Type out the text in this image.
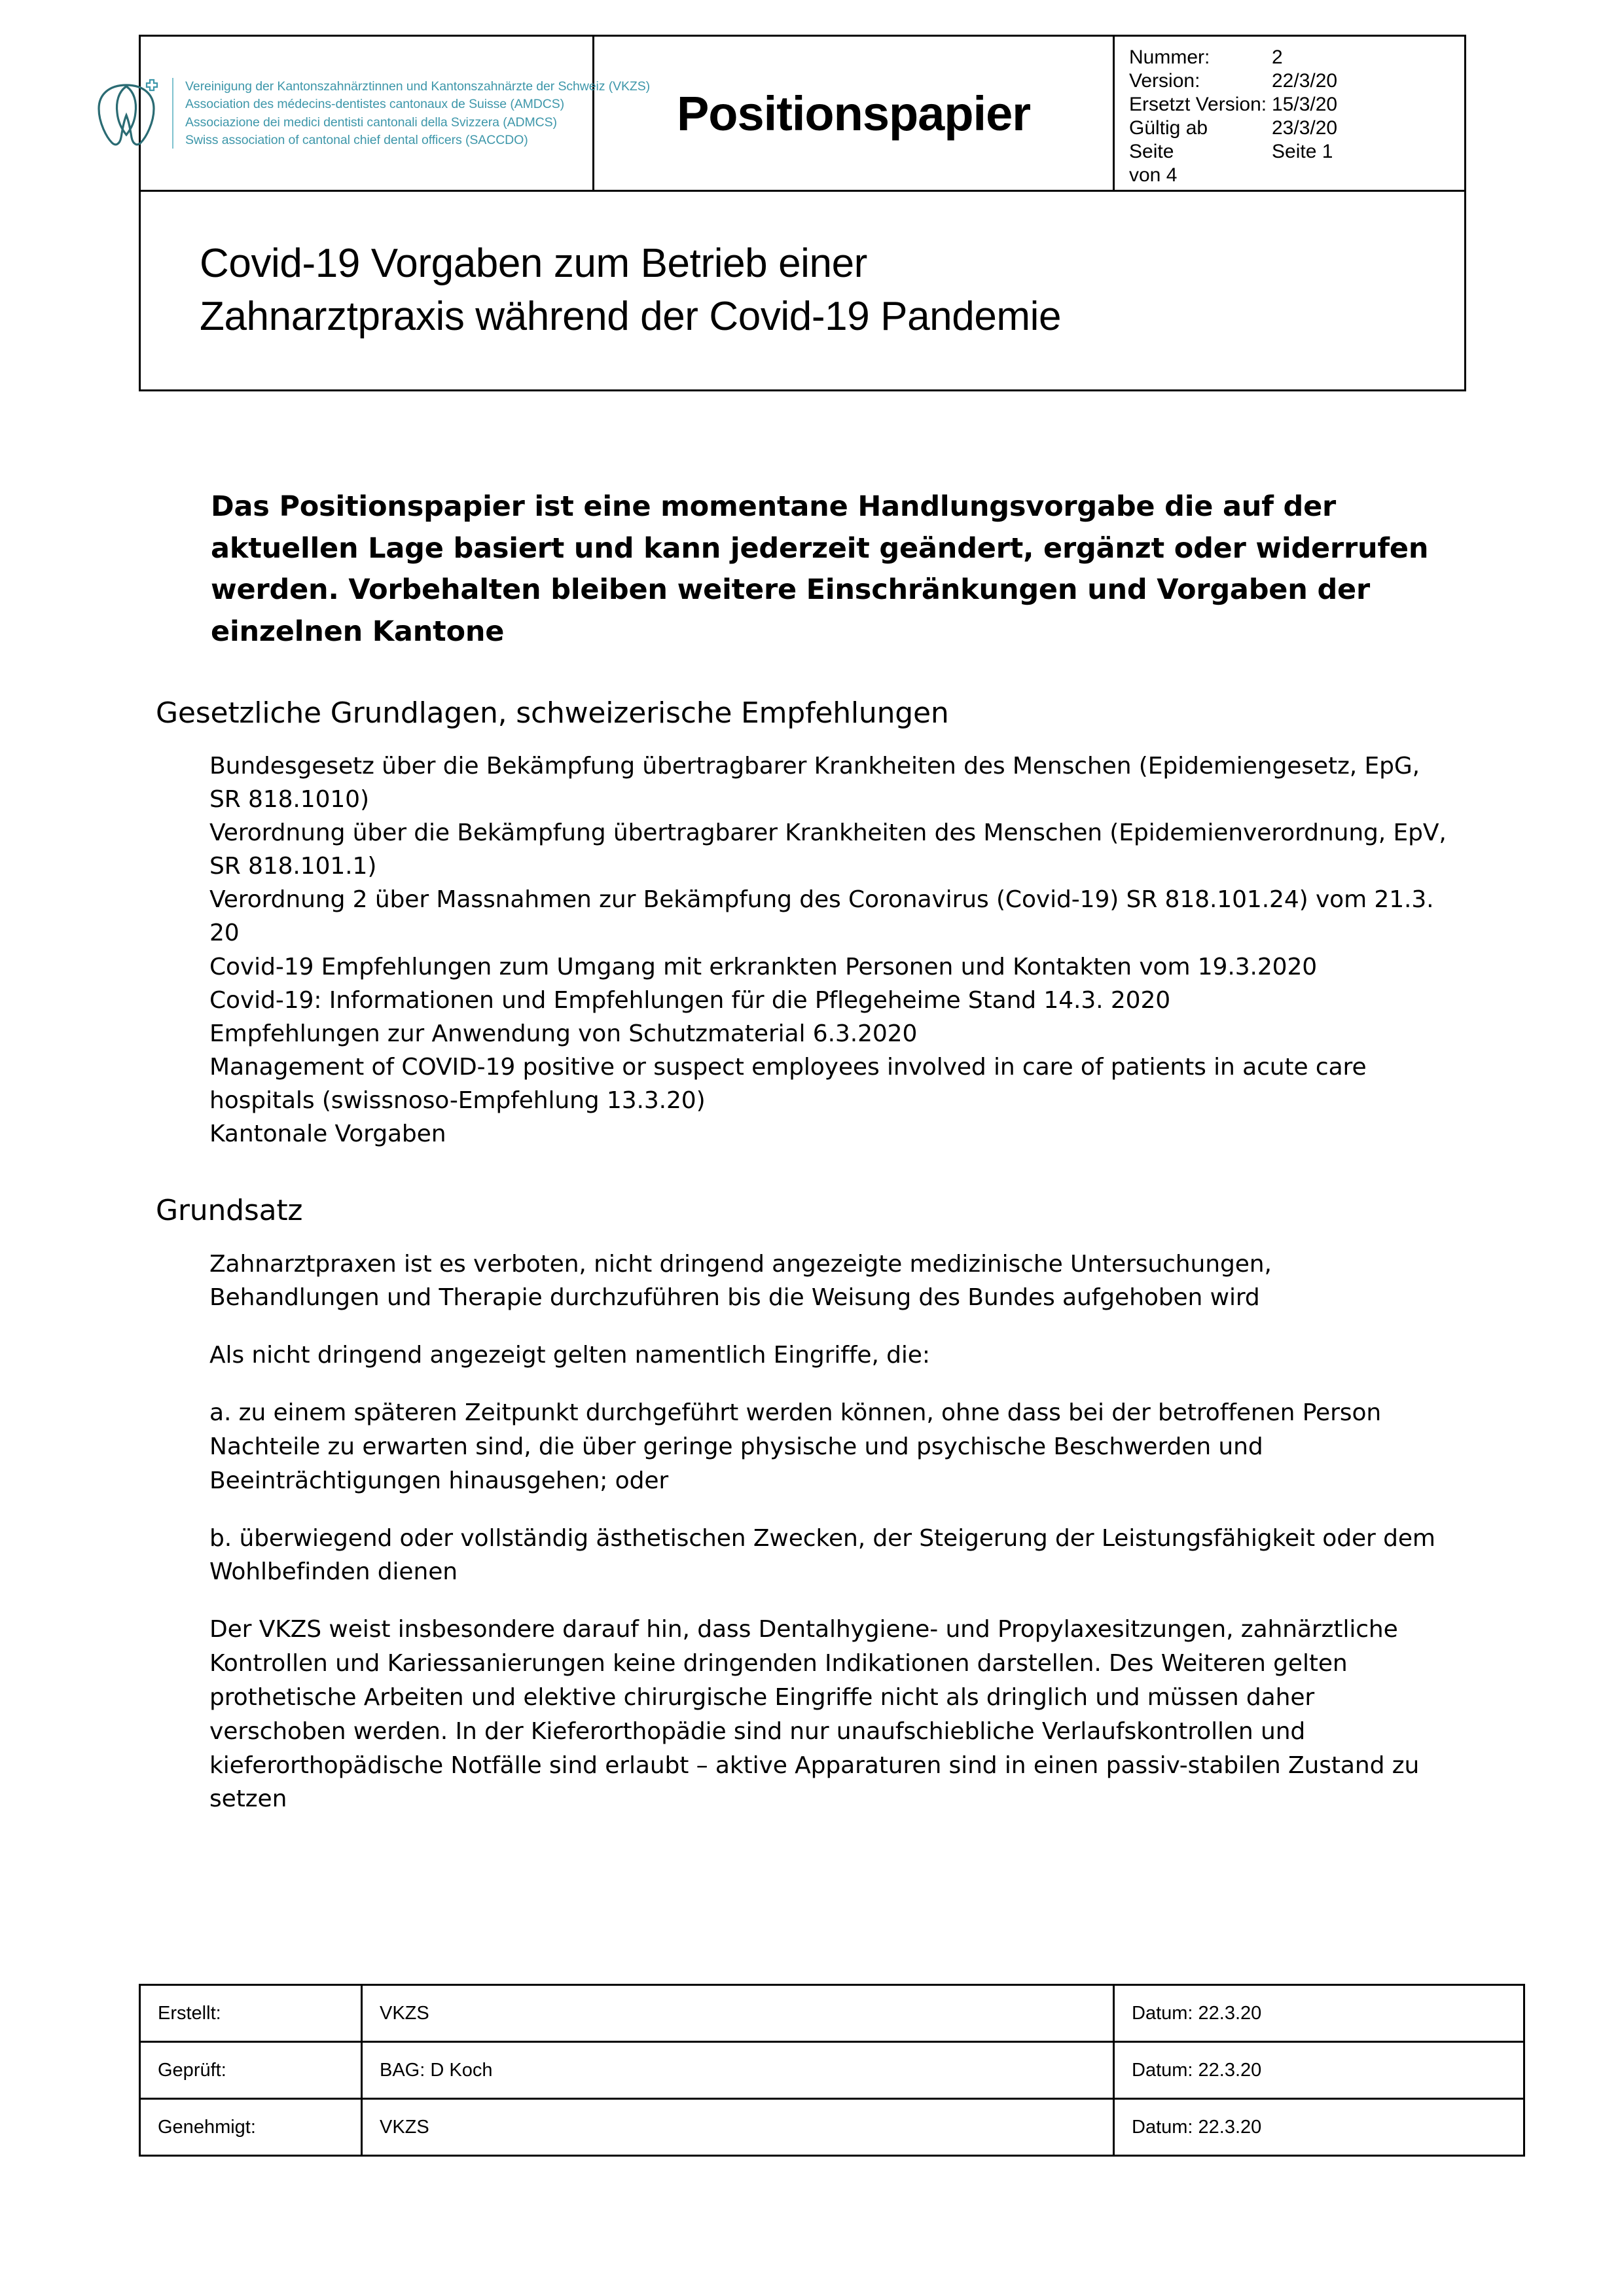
Vereinigung der Kantonszahnärztinnen und Kantonszahnärzte der Schweiz (VKZS)
Association des médecins-dentistes cantonaux de Suisse (AMDCS)
Associazione dei medici dentisti cantonali della Svizzera (ADMCS)
Swiss association of cantonal chief dental officers (SACCDO)	Positionspapier
Nummer:	2
Version:	22/3/20
Ersetzt Version: 15/3/20
Gültig ab	23/3/20
Seite	Seite 1
von 4
Covid-19 Vorgaben zum Betrieb einer
Zahnarztpraxis während der Covid-19 Pandemie

Das Positionspapier ist eine momentane Handlungsvorgabe die auf der aktuellen Lage basiert und kann jederzeit geändert, ergänzt oder widerrufen werden. Vorbehalten bleiben weitere Einschränkungen und Vorgaben der einzelnen Kantone

Gesetzliche Grundlagen, schweizerische Empfehlungen

Bundesgesetz über die Bekämpfung übertragbarer Krankheiten des Menschen (Epidemiengesetz, EpG, SR 818.1010)

Verordnung über die Bekämpfung übertragbarer Krankheiten des Menschen (Epidemienverordnung, EpV, SR 818.101.1)

Verordnung 2 über Massnahmen zur Bekämpfung des Coronavirus (Covid-19) SR 818.101.24) vom 21.3. 20

Covid-19 Empfehlungen zum Umgang mit erkrankten Personen und Kontakten vom 19.3.2020

Covid-19: Informationen und Empfehlungen für die Pflegeheime Stand 14.3. 2020

Empfehlungen zur Anwendung von Schutzmaterial 6.3.2020

Management of COVID-19 positive or suspect employees involved in care of patients in acute care hospitals (swissnoso-Empfehlung 13.3.20)

Kantonale Vorgaben

Grundsatz

Zahnarztpraxen ist es verboten, nicht dringend angezeigte medizinische Untersuchungen, Behandlungen und Therapie durchzuführen bis die Weisung des Bundes aufgehoben wird

Als nicht dringend angezeigt gelten namentlich Eingriffe, die:

a. zu einem späteren Zeitpunkt durchgeführt werden können, ohne dass bei der betroffenen Person Nachteile zu erwarten sind, die über geringe physische und psychische Beschwerden und Beeinträchtigungen hinausgehen; oder

b. überwiegend oder vollständig ästhetischen Zwecken, der Steigerung der Leistungsfähigkeit oder dem Wohlbefinden dienen

Der VKZS weist insbesondere darauf hin, dass Dentalhygiene- und Propylaxesitzungen, zahnärztliche Kontrollen und Kariessanierungen keine dringenden Indikationen darstellen. Des Weiteren gelten prothetische Arbeiten und elektive chirurgische Eingriffe nicht als dringlich und müssen daher verschoben werden. In der Kieferorthopädie sind nur unaufschiebliche Verlaufskontrollen und kieferorthopädische Notfälle sind erlaubt – aktive Apparaturen sind in einen passiv-stabilen Zustand zu setzen

Erstellt:	VKZS	Datum: 22.3.20
Geprüft:	BAG: D Koch	Datum: 22.3.20
Genehmigt:	VKZS	Datum: 22.3.20
